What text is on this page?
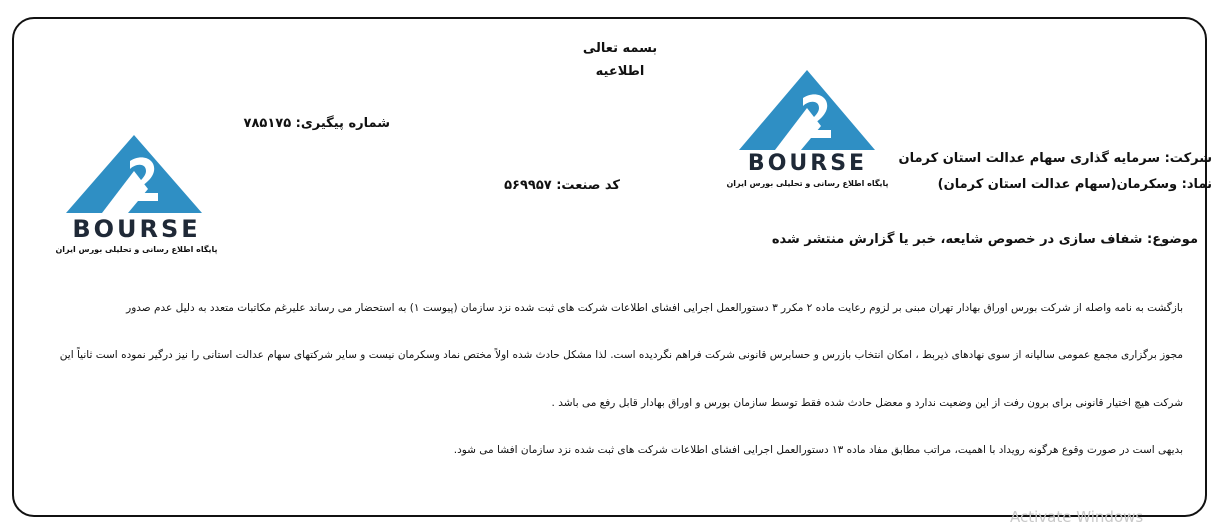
بسمه تعالی
اطلاعیه
شماره پیگیری: ۷۸۵۱۷۵
کد صنعت: ۵۶۹۹۵۷
شرکت: سرمایه گذاری سهام عدالت استان کرمان
نماد: وسکرمان(سهام عدالت استان کرمان)
موضوع: شفاف سازی در خصوص شایعه، خبر یا گزارش منتشر شده
BOURSE
پایگاه اطلاع رسانی و تحلیلی بورس ایران
BOURSE
پایگاه اطلاع رسانی و تحلیلی بورس ایران
بازگشت به نامه واصله از شرکت بورس اوراق بهادار تهران مبنی بر لزوم رعایت ماده ۲ مکرر ۳ دستورالعمل اجرایی افشای اطلاعات شرکت های ثبت شده نزد سازمان (پیوست ۱) به استحضار می رساند علیرغم مکاتبات متعدد به دلیل عدم صدور
مجوز برگزاری مجمع عمومی سالیانه از سوی نهادهای ذیربط ، امکان انتخاب بازرس و حسابرس قانونی شرکت فراهم نگردیده است. لذا مشکل حادث شده اولاً مختص نماد وسکرمان نیست و سایر شرکتهای سهام عدالت استانی را نیز درگیر نموده است ثانیاً این
شرکت هیچ اختیار قانونی برای برون رفت از این وضعیت ندارد و معضل حادث شده فقط توسط سازمان بورس و اوراق بهادار قابل رفع می باشد .
بدیهی است در صورت وقوع هرگونه رویداد با اهمیت، مراتب مطابق مفاد ماده ۱۳ دستورالعمل اجرایی افشای اطلاعات شرکت های ثبت شده نزد سازمان افشا می شود.
Activate Windows
